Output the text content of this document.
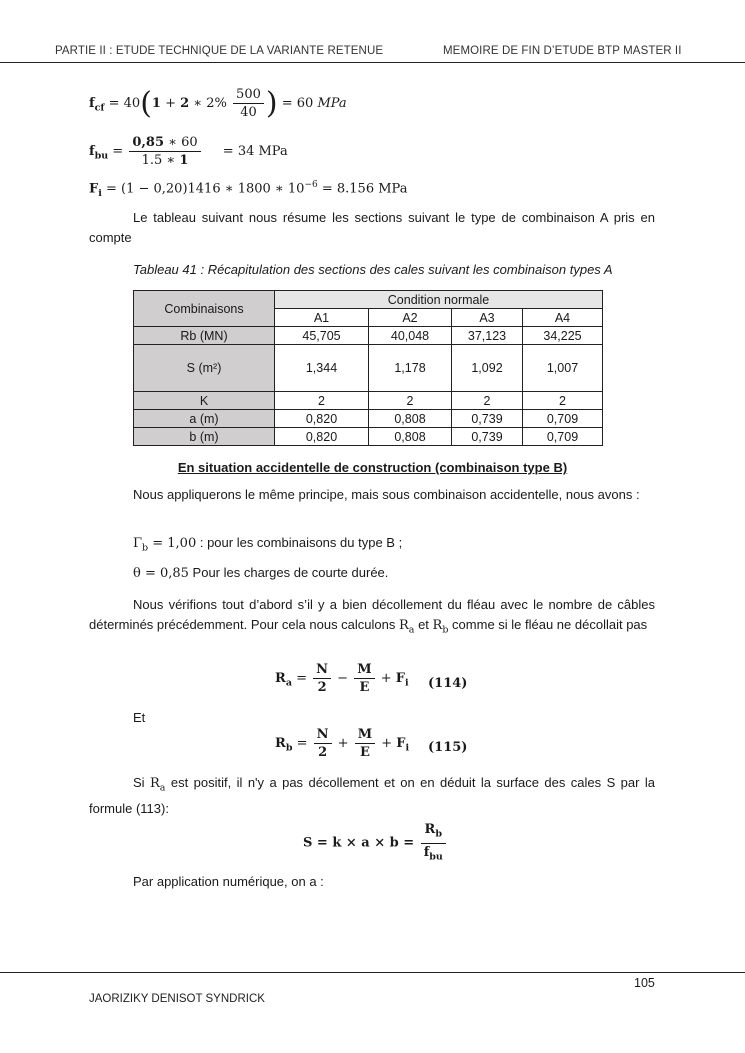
PARTIE II : ETUDE TECHNIQUE DE LA VARIANTE RETENUE	MEMOIRE DE FIN D’ETUDE BTP MASTER II
$f_{cf} = 40(1 + 2$ ∗ $2\% \frac{500}{40}$ ) = 60 MPa
$f_{bu} = \frac{0,85 ∗ 60}{1.5 ∗ 1} = 34$ MPa
$F_i = (1 - 0,20)1416$ ∗ 1800 ∗ $10^{-6} = 8.156$ MPa
Le tableau suivant nous résume les sections suivant le type de combinaison A pris en compte
Tableau 41 : Récapitulation des sections des cales suivant les combinaison types A
Combinaisons	Condition normale			
	A1	A2	A3	A4
Rb (MN)	45,705	40,048	37,123	34,225
S (m²)	1,344	1,178	1,092	1,007
K	2	2	2	2
a (m)	0,820	0,808	0,739	0,709
b (m)	0,820	0,808	0,739	0,709
En situation accidentelle de construction (combinaison type B)
Nous appliquerons le même principe, mais sous combinaison accidentelle, nous avons :
$\Gamma_b = 1,00$ : pour les combinaisons du type B ;
θ = 0,85 Pour les charges de courte durée.
Nous vérifions tout d’abord s’il y a bien décollement du fléau avec le nombre de câbles déterminés précédemment. Pour cela nous calculons $R_a$ et $R_b$ comme si le fléau ne décollait pas
$R_a = \frac{N}{2} - \frac{M}{E} + F_i$ (114)
Et
$R_b = \frac{N}{2} + \frac{M}{E} + F_i$ (115)
Si $R_a$ est positif, il n'y a pas décollement et on en déduit la surface des cales S par la formule (113):
$S = k \times a \times b = \frac{R_b}{f_{bu}}$
Par application numérique, on a :
105
JAORIZIKY DENISOT SYNDRICK
